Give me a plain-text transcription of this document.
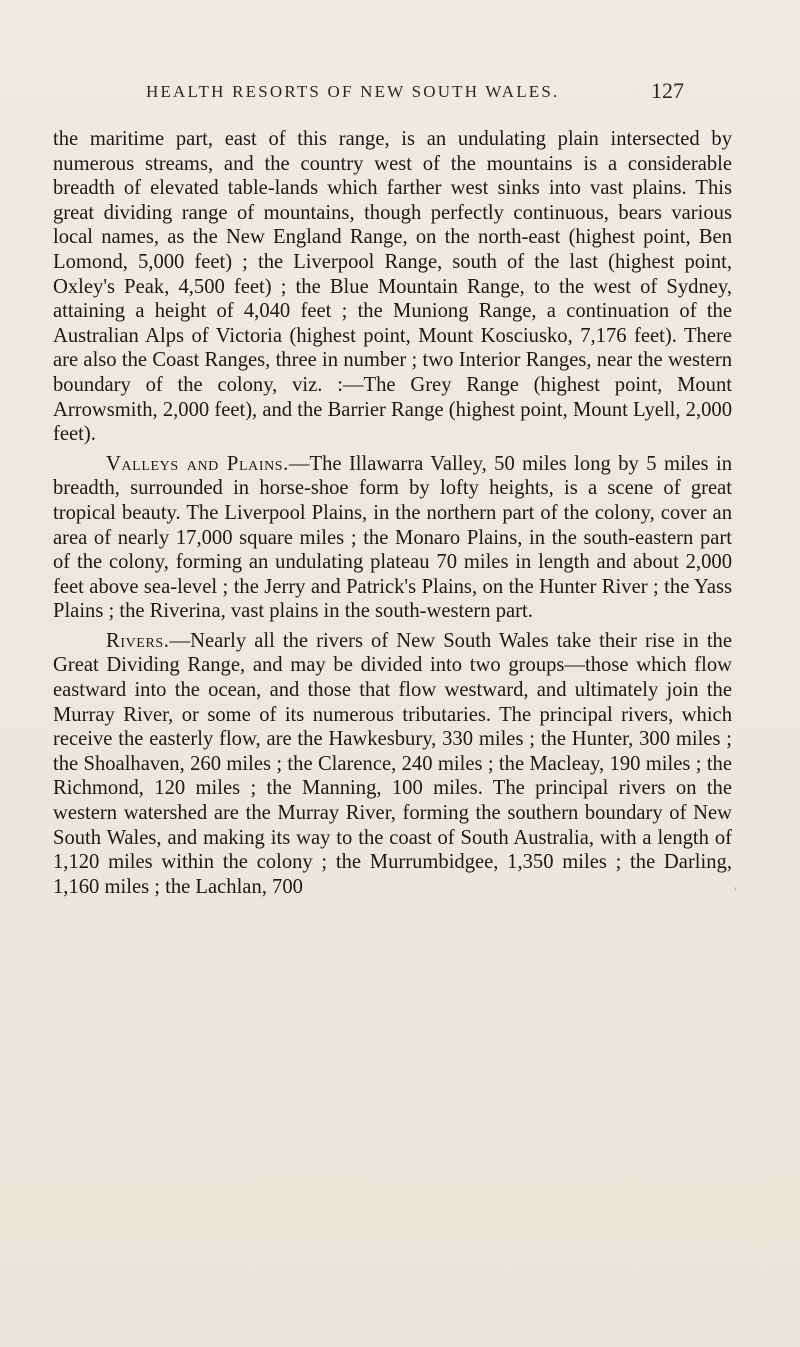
HEALTH RESORTS OF NEW SOUTH WALES.	127

the maritime part, east of this range, is an undulating plain intersected by numerous streams, and the country west of the mountains is a considerable breadth of elevated table-lands which farther west sinks into vast plains. This great dividing range of mountains, though perfectly continuous, bears various local names, as the New England Range, on the north-east (highest point, Ben Lomond, 5,000 feet) ; the Liverpool Range, south of the last (highest point, Oxley's Peak, 4,500 feet) ; the Blue Mountain Range, to the west of Sydney, attaining a height of 4,040 feet ; the Muniong Range, a continuation of the Australian Alps of Victoria (highest point, Mount Kosciusko, 7,176 feet). There are also the Coast Ranges, three in number ; two Interior Ranges, near the western boundary of the colony, viz. :—The Grey Range (highest point, Mount Arrowsmith, 2,000 feet), and the Barrier Range (highest point, Mount Lyell, 2,000 feet).

Valleys and Plains.—The Illawarra Valley, 50 miles long by 5 miles in breadth, surrounded in horse-shoe form by lofty heights, is a scene of great tropical beauty. The Liverpool Plains, in the northern part of the colony, cover an area of nearly 17,000 square miles ; the Monaro Plains, in the south-eastern part of the colony, forming an undulating plateau 70 miles in length and about 2,000 feet above sea-level ; the Jerry and Patrick's Plains, on the Hunter River ; the Yass Plains ; the Riverina, vast plains in the south-western part.

Rivers.—Nearly all the rivers of New South Wales take their rise in the Great Dividing Range, and may be divided into two groups—those which flow eastward into the ocean, and those that flow westward, and ultimately join the Murray River, or some of its numerous tributaries. The principal rivers, which receive the easterly flow, are the Hawkesbury, 330 miles ; the Hunter, 300 miles ; the Shoalhaven, 260 miles ; the Clarence, 240 miles ; the Macleay, 190 miles ; the Richmond, 120 miles ; the Manning, 100 miles. The principal rivers on the western watershed are the Murray River, forming the southern boundary of New South Wales, and making its way to the coast of South Australia, with a length of 1,120 miles within the colony ; the Murrumbidgee, 1,350 miles ; the Darling, 1,160 miles ; the Lachlan, 700	’
